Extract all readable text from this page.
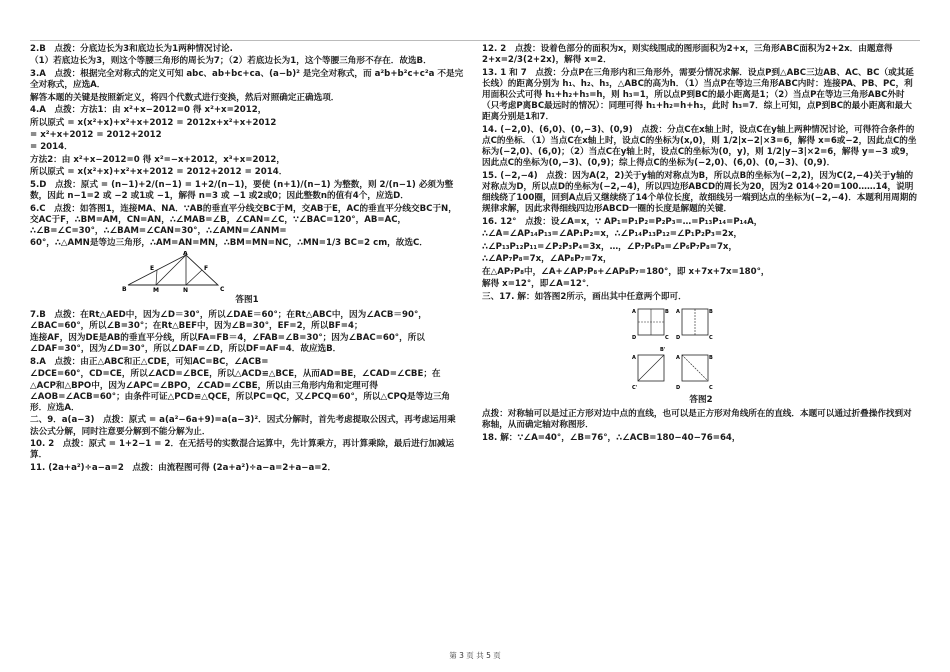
2.B　点拨：分底边长为3和底边长为1两种情况讨论.

（1）若底边长为3，则这个等腰三角形的周长为7；（2）若底边长为1，这个等腰三角形不存在．故选B．

3.A　点拨：根据完全对称式的定义可知 abc、ab+bc+ca、(a−b)² 是完全对称式，而 a²b+b²c+c²a 不是完全对称式，应选A．

解答本题的关键是按照新定义，将四个代数式进行变换，然后对照确定正确选项．

4.A　点拨：方法1：由 x²+x−2012=0 得 x²+x=2012，

所以原式 = x(x²+x)+x²+x+2012 = 2012x+x²+x+2012

= x²+x+2012 = 2012+2012

= 2014．

方法2：由 x²+x−2012=0 得 x²=−x+2012，x³+x=2012，

所以原式 = x(x²+x)+x²+x+2012 = 2012+2012 = 2014．

5.D　点拨：原式 = (n−1)+2/(n−1) = 1+2/(n−1)，要使 (n+1)/(n−1) 为整数，则 2/(n−1) 必须为整数，因此 n−1=2 或 −2 或1或 −1，解得 n=3 或 −1 或2或0；因此整数n的值有4个，应选D．

6.C　点拨：如答图1，连接MA、NA．∵AB的垂直平分线交BC于M，交AB于E，AC的垂直平分线交BC于N，交AC于F，∴BM=AM，CN=AN，∴∠MAB=∠B，∠CAN=∠C，∵∠BAC=120°，AB=AC，∴∠B=∠C=30°，∴∠BAM=∠CAN=30°，∴∠AMN=∠ANM=

60°，∴△AMN是等边三角形，∴AM=AN=MN，∴BM=MN=NC，∴MN=1/3 BC=2 cm，故选C．

A
B	M	N	C
E	F
答图1

7.B　点拨：在Rt△AED中，因为∠D＝30°，所以∠DAE＝60°；在Rt△ABC中，因为∠ACB＝90°，∠BAC=60°，所以∠B=30°；在Rt△BEF中，因为∠B=30°，EF=2，所以BF=4；

连接AF，因为DE是AB的垂直平分线，所以FA=FB＝4，∠FAB=∠B=30°；因为∠BAC=60°，所以∠DAF=30°，因为∠D=30°，所以∠DAF=∠D，所以DF=AF=4．故应选B．

8.A　点拨：由正△ABC和正△CDE，可知AC=BC，∠ACB=

∠DCE=60°，CD=CE，所以∠ACD=∠BCE，所以△ACD≌△BCE，从而AD=BE，∠CAD=∠CBE；在△ACP和△BPO中，因为∠APC=∠BPO，∠CAD=∠CBE，所以由三角形内角和定理可得∠AOB=∠ACB=60°；由条件可证△PCD≌△QCE，所以PC=QC，又∠PCQ=60°，所以△CPQ是等边三角形．应选A．

二、9．a(a−3)　点拨：原式 = a(a²−6a+9)=a(a−3)²．因式分解时，首先考虑提取公因式，再考虑运用乘法公式分解，同时注意要分解到不能分解为止．

10. 2　点拨：原式 = 1+2−1 = 2．在无括号的实数混合运算中，先计算乘方，再计算乘除，最后进行加减运算．

11. (2a+a²)÷a−a=2　点拨：由流程图可得 (2a+a²)÷a−a=2+a−a=2．

12. 2　点拨：设着色部分的面积为x，则实线围成的图形面积为2+x，三角形ABC面积为2+2x．由题意得 2+x=2/3(2+2x)，解得 x=2．

13. 1 和 7　点拨：分点P在三角形内和三角形外，需要分情况求解．设点P到△ABC三边AB、AC、BC（或其延长线）的距离分别为 h₁、h₂、h₃，△ABC的高为h．（1）当点P在等边三角形ABC内时：连接PA、PB、PC，利用面积公式可得 h₁+h₂+h₃=h，则 h₃=1，所以点P到BC的最小距离是1；（2）当点P在等边三角形ABC外时（只考虑P离BC最远时的情况）：同理可得 h₁+h₂=h+h₃，此时 h₃=7．综上可知，点P到BC的最小距离和最大距离分别是1和7．

14. (−2,0)、(6,0)、(0,−3)、(0,9)　点拨：分点C在x轴上时，设点C在y轴上两种情况讨论，可得符合条件的点C的坐标．（1）当点C在x轴上时，设点C的坐标为(x,0)，则 1/2|x−2|×3=6，解得 x=6或−2，因此点C的坐标为(−2,0)、(6,0)；（2）当点C在y轴上时，设点C的坐标为(0，y)，则 1/2|y−3|×2=6，解得 y=−3 或9，因此点C的坐标为(0,−3)、(0,9)；综上得点C的坐标为(−2,0)、(6,0)、(0,−3)、(0,9)．

15. (−2,−4)　点拨：因为A(2，2)关于y轴的对称点为B，所以点B的坐标为(−2,2)，因为C(2,−4)关于y轴的对称点为D，所以点D的坐标为(−2,−4)，所以四边形ABCD的周长为20，因为2 014÷20=100……14，说明细线绕了100圈，回到A点后又继续绕了14个单位长度，故细线另一端到达点的坐标为(−2,−4)．本题利用周期的规律求解，因此求得细线四边形ABCD一圈的长度是解题的关键．

16. 12°　点拨：设∠A=x，∵ AP₁=P₁P₂=P₂P₃=…=P₁₃P₁₄=P₁₄A，

∴∠A=∠AP₁₄P₁₃=∠AP₁P₂=x，∴∠P₁₄P₁₃P₁₂=∠P₁P₂P₃=2x，

∴∠P₁₃P₁₂P₁₁=∠P₂P₃P₄=3x，…，∠P₇P₆P₈=∠P₆P₇P₈=7x，

∴∠AP₇P₈=7x，∠AP₈P₇=7x，

在△AP₇P₈中，∠A+∠AP₇P₈+∠AP₈P₇=180°，即 x+7x+7x=180°，

解得 x=12°，即∠A=12°．

三、17. 解：如答图2所示，画出其中任意两个即可．

A	B
C
D
A	B
C
D
A
B'
C'
A	B
C
D
答图2

点拨：对称轴可以是过正方形对边中点的直线，也可以是正方形对角线所在的直线．本题可以通过折叠操作找到对称轴，从而确定轴对称图形．

18. 解：∵∠A=40°，∠B=76°，∴∠ACB=180−40−76=64，

第 3 页 共 5 页
